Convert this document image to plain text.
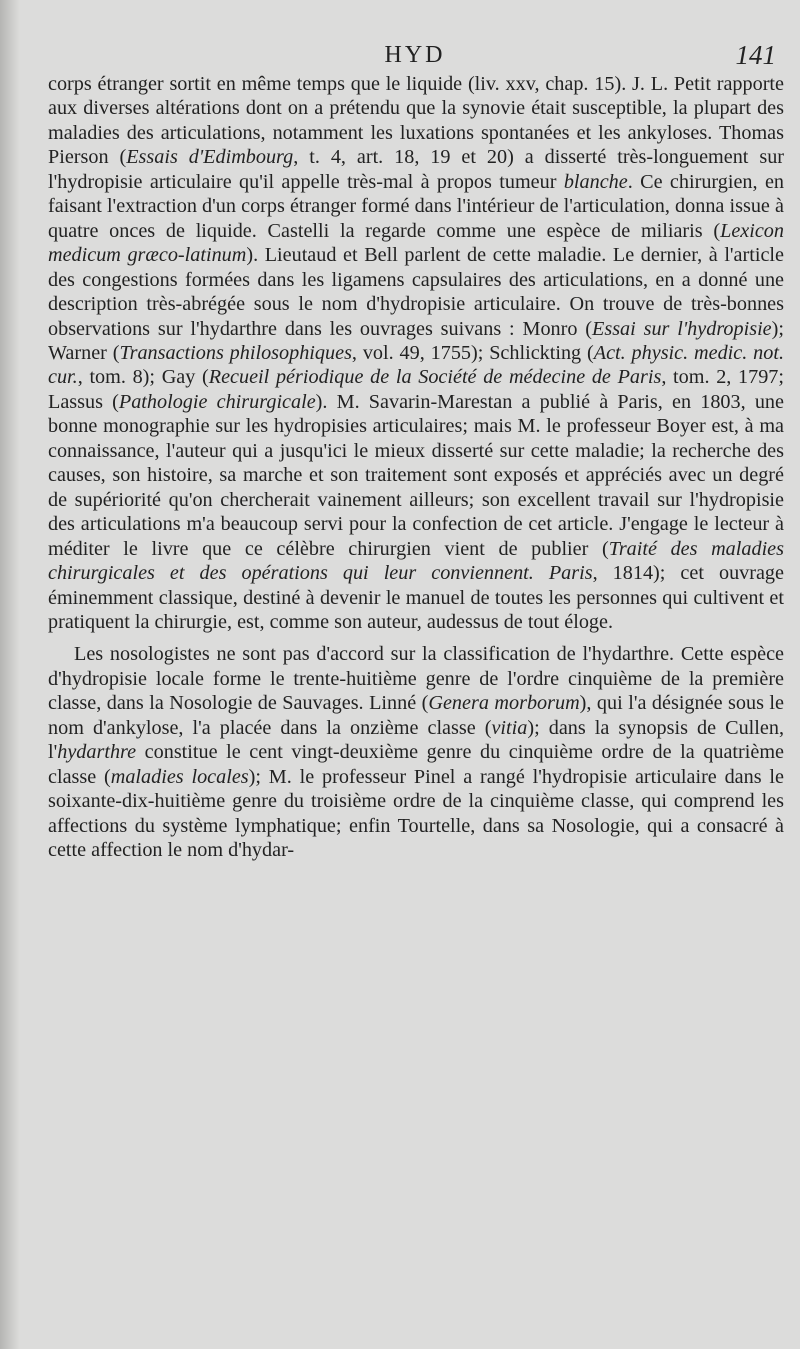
HYD	141

corps étranger sortit en même temps que le liquide (liv. xxv, chap. 15). J. L. Petit rapporte aux diverses altérations dont on a prétendu que la synovie était susceptible, la plupart des maladies des articulations, notamment les luxations spontanées et les ankyloses. Thomas Pierson (Essais d'Edimbourg, t. 4, art. 18, 19 et 20) a disserté très-longuement sur l'hydropisie articulaire qu'il appelle très-mal à propos tumeur blanche. Ce chirurgien, en faisant l'extraction d'un corps étranger formé dans l'intérieur de l'articulation, donna issue à quatre onces de liquide. Castelli la regarde comme une espèce de miliaris (Lexicon medicum græco-latinum). Lieutaud et Bell parlent de cette maladie. Le dernier, à l'article des congestions formées dans les ligamens capsulaires des articulations, en a donné une description très-abrégée sous le nom d'hydropisie articulaire. On trouve de très-bonnes observations sur l'hydarthre dans les ouvrages suivans : Monro (Essai sur l'hydropisie); Warner (Transactions philosophiques, vol. 49, 1755); Schlickting (Act. physic. medic. not. cur., tom. 8); Gay (Recueil périodique de la Société de médecine de Paris, tom. 2, 1797; Lassus (Pathologie chirurgicale). M. Savarin-Marestan a publié à Paris, en 1803, une bonne monographie sur les hydropisies articulaires; mais M. le professeur Boyer est, à ma connaissance, l'auteur qui a jusqu'ici le mieux disserté sur cette maladie; la recherche des causes, son histoire, sa marche et son traitement sont exposés et appréciés avec un degré de supériorité qu'on chercherait vainement ailleurs; son excellent travail sur l'hydropisie des articulations m'a beaucoup servi pour la confection de cet article. J'engage le lecteur à méditer le livre que ce célèbre chirurgien vient de publier (Traité des maladies chirurgicales et des opérations qui leur conviennent. Paris, 1814); cet ouvrage éminemment classique, destiné à devenir le manuel de toutes les personnes qui cultivent et pratiquent la chirurgie, est, comme son auteur, audessus de tout éloge.

Les nosologistes ne sont pas d'accord sur la classification de l'hydarthre. Cette espèce d'hydropisie locale forme le trente-huitième genre de l'ordre cinquième de la première classe, dans la Nosologie de Sauvages. Linné (Genera morborum), qui l'a désignée sous le nom d'ankylose, l'a placée dans la onzième classe (vitia); dans la synopsis de Cullen, l'hydarthre constitue le cent vingt-deuxième genre du cinquième ordre de la quatrième classe (maladies locales); M. le professeur Pinel a rangé l'hydropisie articulaire dans le soixante-dix-huitième genre du troisième ordre de la cinquième classe, qui comprend les affections du système lymphatique; enfin Tourtelle, dans sa Nosologie, qui a consacré à cette affection le nom d'hydar-
